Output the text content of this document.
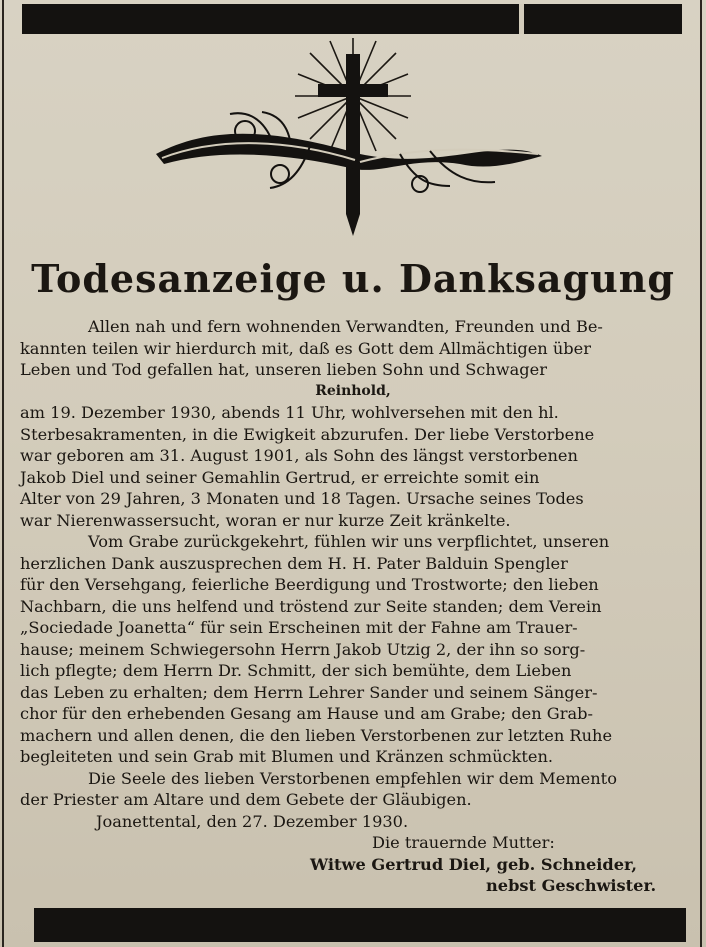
Todesanzeige u. Danksagung
Allen nah und fern wohnenden Verwandten, Freunden und Be-
kannten teilen wir hierdurch mit, daß es Gott dem Allmächtigen über
Leben und Tod gefallen hat, unseren lieben Sohn und Schwager
Reinhold,
am 19. Dezember 1930, abends 11 Uhr, wohlversehen mit den hl.
Sterbesakramenten, in die Ewigkeit abzurufen. Der liebe Verstorbene
war geboren am 31. August 1901, als Sohn des längst verstorbenen
Jakob Diel und seiner Gemahlin Gertrud, er erreichte somit ein
Alter von 29 Jahren, 3 Monaten und 18 Tagen. Ursache seines Todes
war Nierenwassersucht, woran er nur kurze Zeit kränkelte.
Vom Grabe zurückgekehrt, fühlen wir uns verpflichtet, unseren
herzlichen Dank auszusprechen dem H. H. Pater Balduin Spengler
für den Versehgang, feierliche Beerdigung und Trostworte; den lieben
Nachbarn, die uns helfend und tröstend zur Seite standen; dem Verein
„Sociedade Joanetta“ für sein Erscheinen mit der Fahne am Trauer-
hause; meinem Schwiegersohn Herrn Jakob Utzig 2, der ihn so sorg-
lich pflegte; dem Herrn Dr. Schmitt, der sich bemühte, dem Lieben
das Leben zu erhalten; dem Herrn Lehrer Sander und seinem Sänger-
chor für den erhebenden Gesang am Hause und am Grabe; den Grab-
machern und allen denen, die den lieben Verstorbenen zur letzten Ruhe
begleiteten und sein Grab mit Blumen und Kränzen schmückten.
Die Seele des lieben Verstorbenen empfehlen wir dem Memento
der Priester am Altare und dem Gebete der Gläubigen.
Joanettental, den 27. Dezember 1930.
Die trauernde Mutter:
Witwe Gertrud Diel, geb. Schneider,
nebst Geschwister.
